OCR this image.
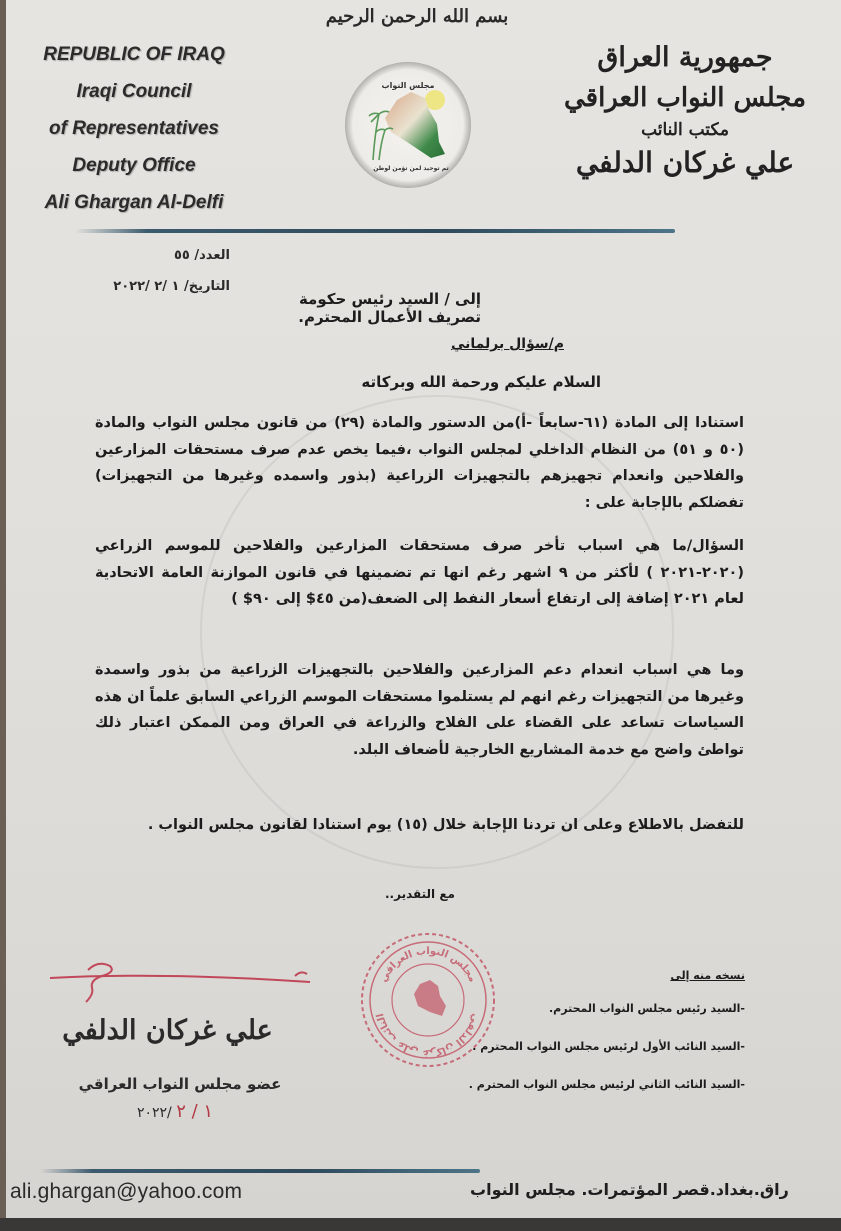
REPUBLIC OF IRAQ
Iraqi Council
of Representatives
Deputy Office
Ali Ghargan Al-Delfi
بسم الله الرحمن الرحيم
مجلس النواب
تم توحيد لمن تؤمن لوطن
جمهورية العراق
مجلس النواب العراقي
مكتب النائب
علي غركان الدلفي
العدد/ ٥٥
التاريخ/ ١ /٢ /٢٠٢٢
إلى / السيد رئيس حكومة تصريف الأعمال المحترم.
م/سؤال برلماني
السلام عليكم ورحمة الله وبركاته
استنادا إلى المادة (٦١-سابعاً -أ)من الدستور والمادة (٢٩) من قانون مجلس النواب والمادة (٥٠ و ٥١) من النظام الداخلي لمجلس النواب ،فيما يخص عدم صرف مستحقات المزارعين والفلاحين وانعدام تجهيزهم بالتجهيزات الزراعية (بذور واسمده وغيرها من التجهيزات) تفضلكم بالإجابة على :
السؤال/ما هي اسباب تأخر صرف مستحقات المزارعين والفلاحين للموسم الزراعي (٢٠٢٠-٢٠٢١ ) لأكثر من ٩ اشهر رغم انها تم تضمينها في قانون الموازنة العامة الاتحادية لعام ٢٠٢١ إضافة إلى ارتفاع أسعار النفط إلى الضعف(من ٤٥$ إلى ٩٠$ )
وما هي اسباب انعدام دعم المزارعين والفلاحين بالتجهيزات الزراعية من بذور واسمدة وغيرها من التجهيزات رغم انهم لم يستلموا مستحقات الموسم الزراعي السابق علماً ان هذه السياسات تساعد على القضاء على الفلاح والزراعة في العراق ومن الممكن اعتبار ذلك تواطئ واضح مع خدمة المشاريع الخارجية لأضعاف البلد.
للتفضل بالاطلاع وعلى ان تردنا الإجابة خلال (١٥) يوم استنادا لقانون مجلس النواب .
مع التقدير..
نسخه منه إلى
-السيد رئيس مجلس النواب المحترم.
-السيد النائب الأول لرئيس مجلس النواب المحترم .
-السيد النائب الثاني لرئيس مجلس النواب المحترم .
مجلس النواب العراقي
النائب علي غركان الدلفي
علي غركان الدلفي
عضو مجلس النواب العراقي
١ / ٢ /٢٠٢٢
ali.ghargan@yahoo.com	راق.بغداد.قصر المؤتمرات. مجلس النواب
